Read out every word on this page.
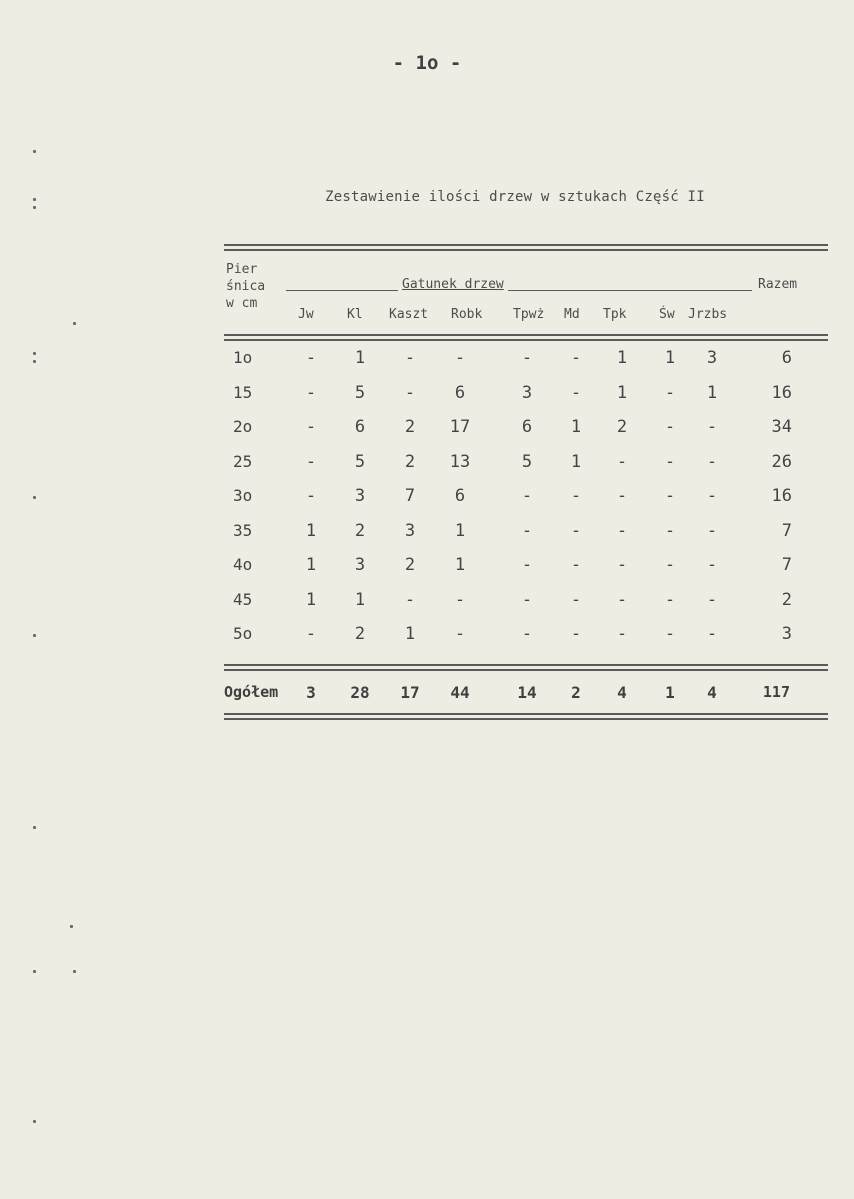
- 1o -
Zestawienie ilości drzew w sztukach Część II
Pier
śnica
w cm
Gatunek drzew	Razem
Jw	Kl Kaszt Robk Tpwż Md Tpk	Św Jrzbs
1o	-	1	-	-	-	-	1	1	3	6
15	-	5	-	6	3	-	1	-	1	16
2o	-	6	2	17	6	1	2	-	-	34
25	-	5	2	13	5	1	-	-	-	26
3o	-	3	7	6	-	-	-	-	-	16
35	1	2	3	1	-	-	-	-	-	7
4o	1	3	2	1	-	-	-	-	-	7
45	1	1	-	-	-	-	-	-	-	2
5o	-	2	1	-	-	-	-	-	-	3
Ogółem	3	28	17	44	14	2	4	1	4	117
